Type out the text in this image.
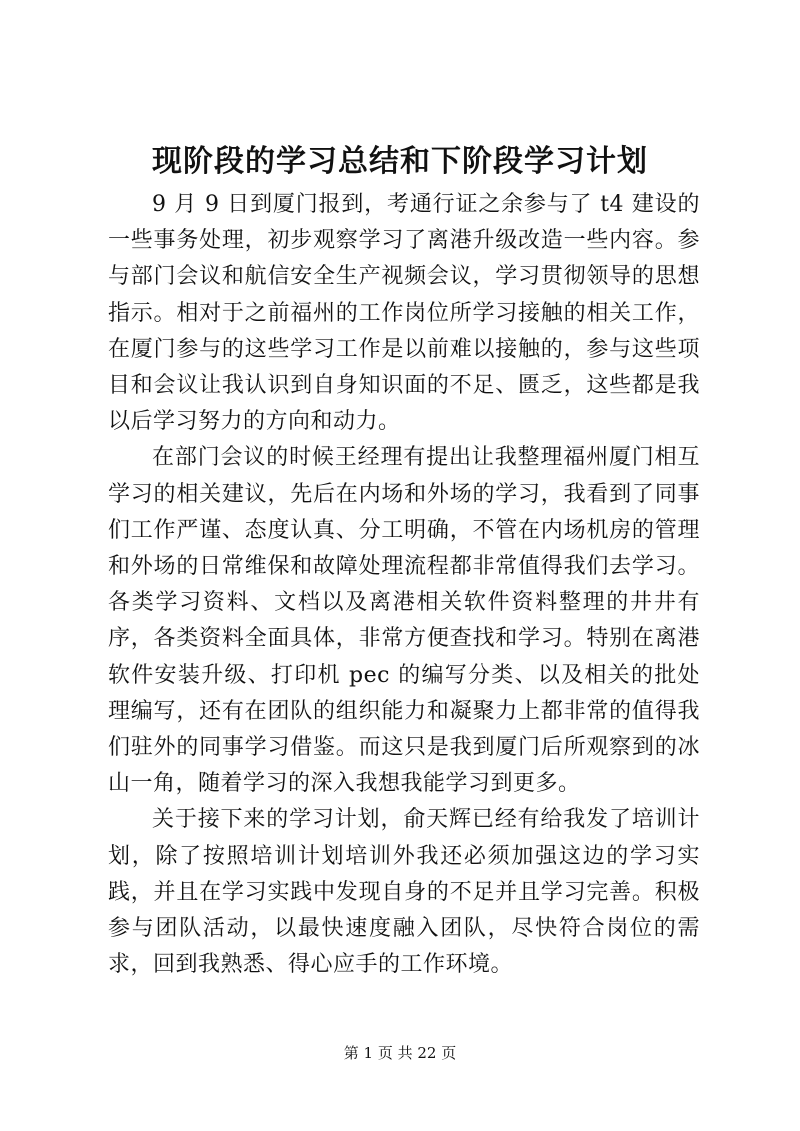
现阶段的学习总结和下阶段学习计划

9 月 9 日到厦门报到，考通行证之余参与了 t4 建设的一些事务处理，初步观察学习了离港升级改造一些内容。参与部门会议和航信安全生产视频会议，学习贯彻领导的思想指示。相对于之前福州的工作岗位所学习接触的相关工作，在厦门参与的这些学习工作是以前难以接触的，参与这些项目和会议让我认识到自身知识面的不足、匮乏，这些都是我以后学习努力的方向和动力。

在部门会议的时候王经理有提出让我整理福州厦门相互学习的相关建议，先后在内场和外场的学习，我看到了同事们工作严谨、态度认真、分工明确，不管在内场机房的管理和外场的日常维保和故障处理流程都非常值得我们去学习。各类学习资料、文档以及离港相关软件资料整理的井井有序，各类资料全面具体，非常方便查找和学习。特别在离港软件安装升级、打印机 pec 的编写分类、以及相关的批处理编写，还有在团队的组织能力和凝聚力上都非常的值得我们驻外的同事学习借鉴。而这只是我到厦门后所观察到的冰山一角，随着学习的深入我想我能学习到更多。

关于接下来的学习计划，俞天辉已经有给我发了培训计划，除了按照培训计划培训外我还必须加强这边的学习实践，并且在学习实践中发现自身的不足并且学习完善。积极参与团队活动，以最快速度融入团队，尽快符合岗位的需求，回到我熟悉、得心应手的工作环境。

第 1 页 共 22 页
